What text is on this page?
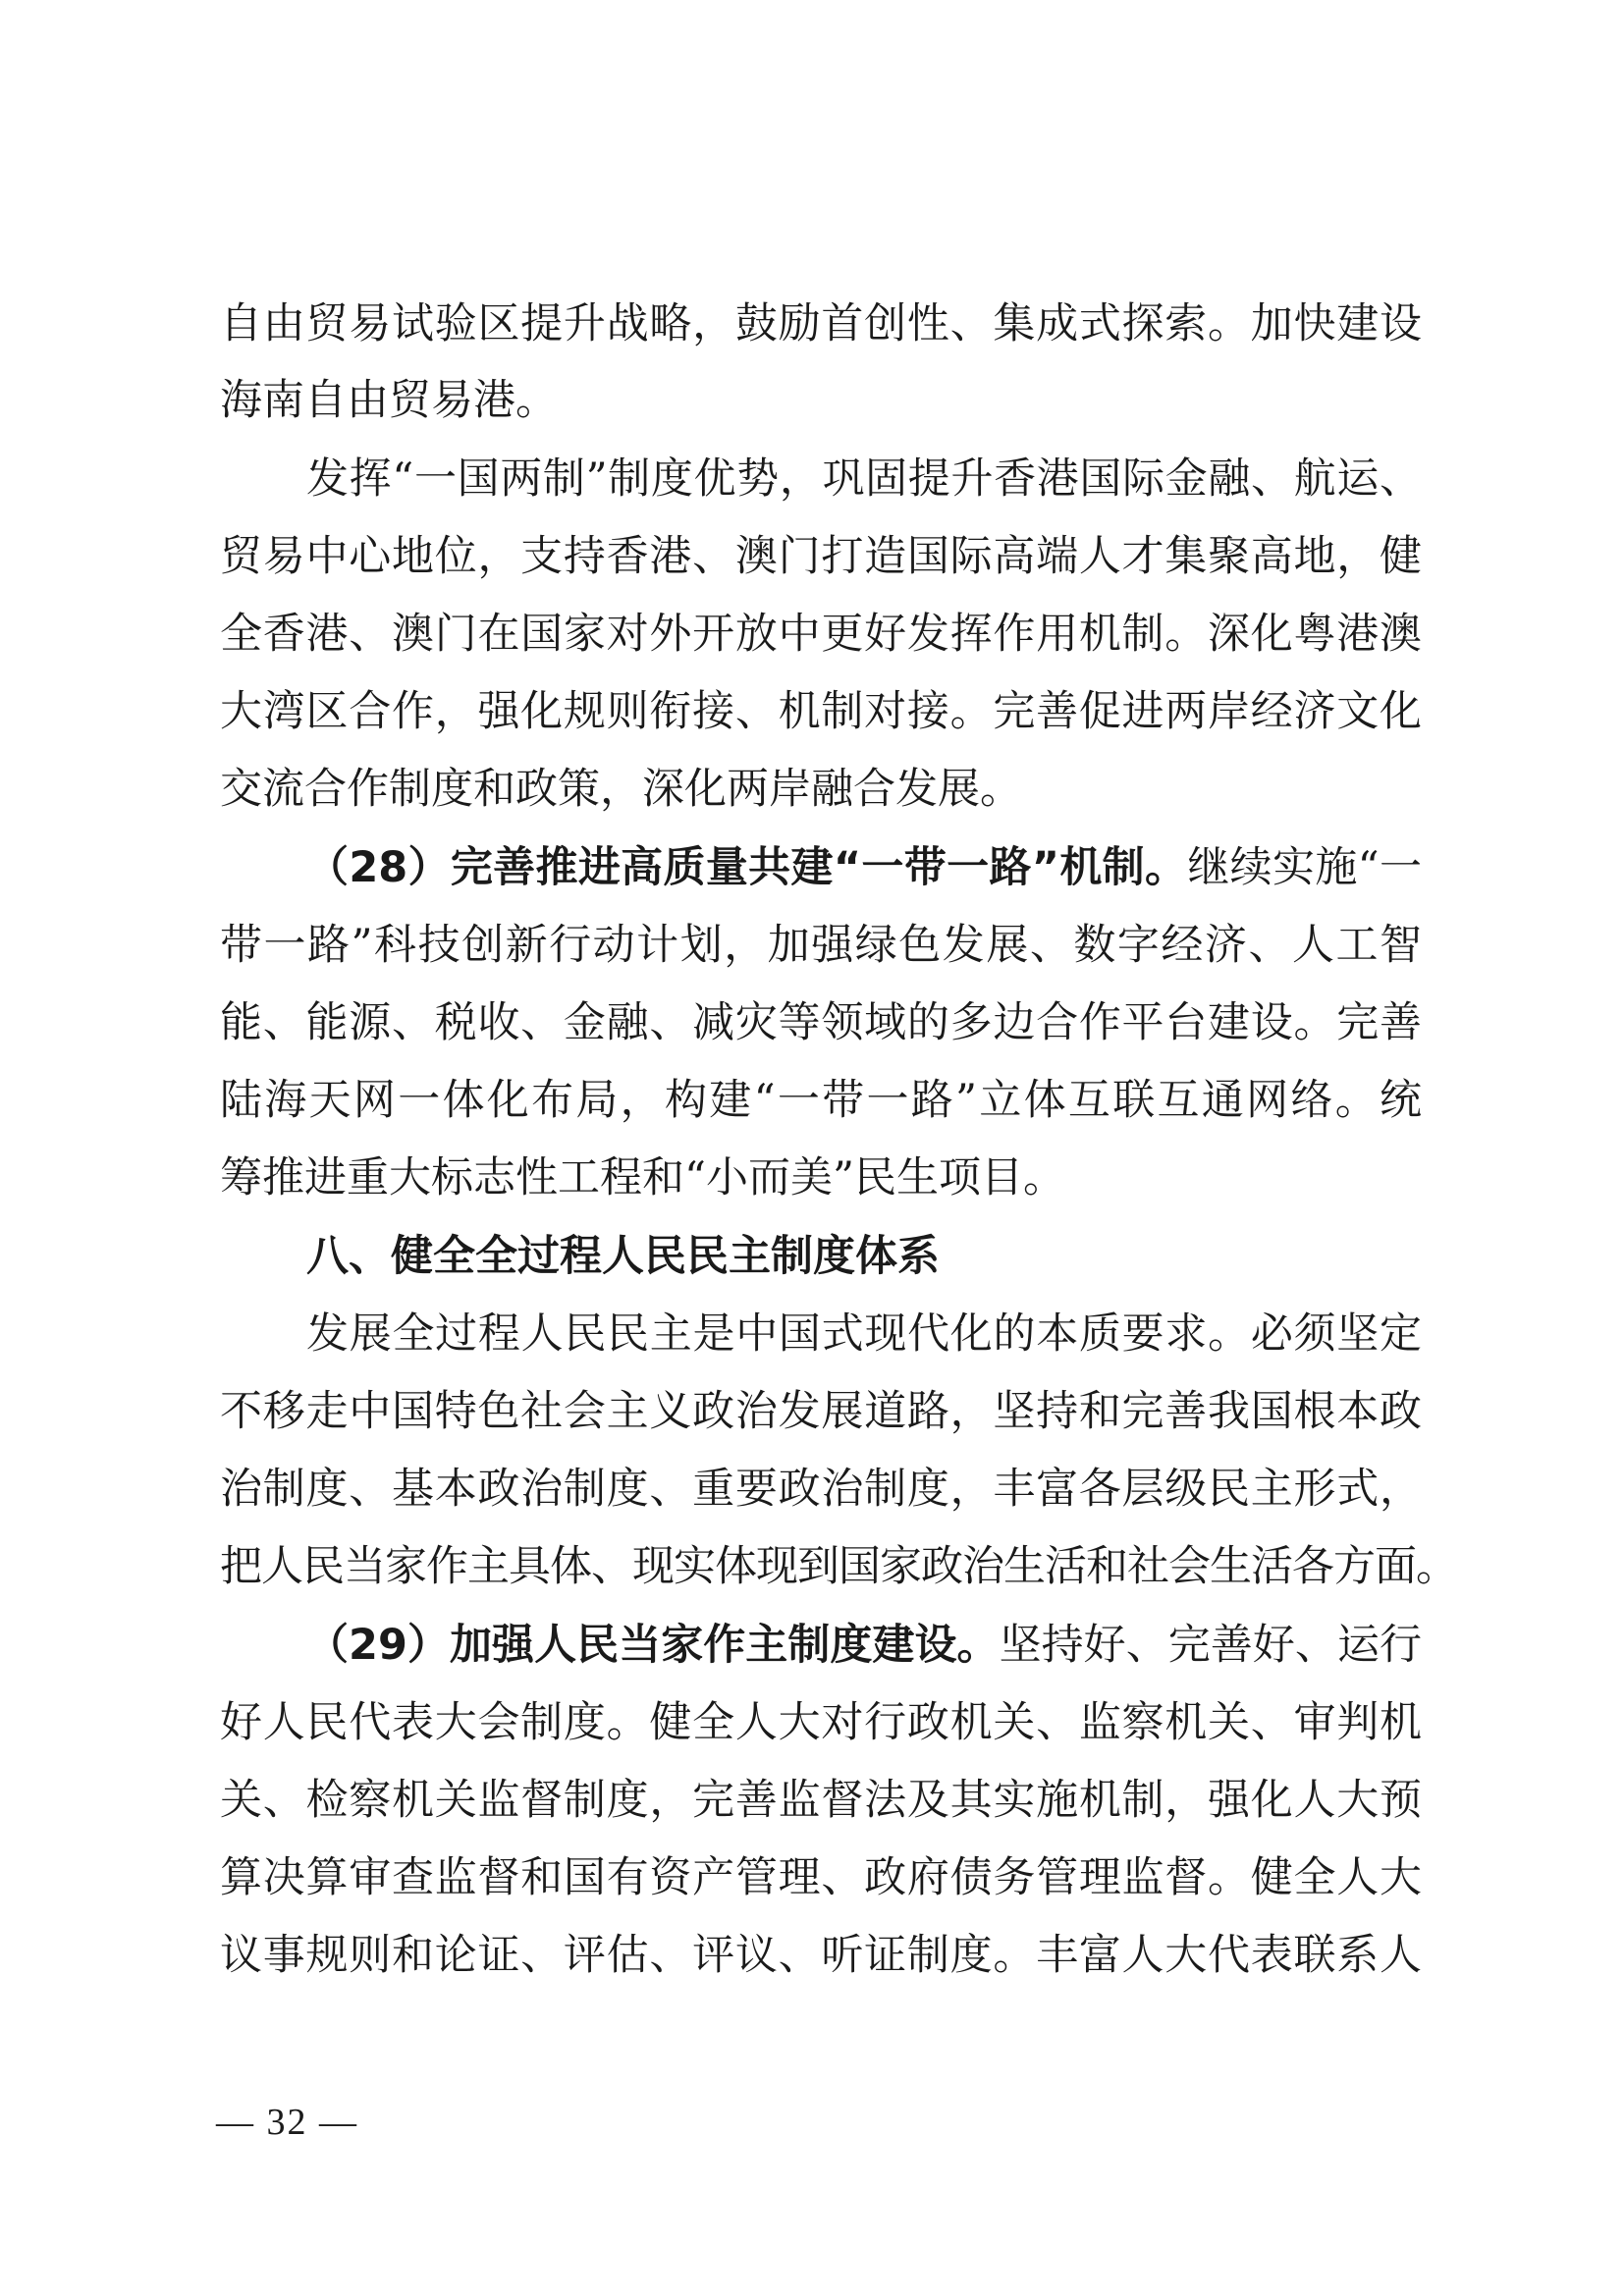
自由贸易试验区提升战略，鼓励首创性、集成式探索。加快建设
海南自由贸易港。
发挥“一国两制”制度优势，巩固提升香港国际金融、航运、
贸易中心地位，支持香港、澳门打造国际高端人才集聚高地，健
全香港、澳门在国家对外开放中更好发挥作用机制。深化粤港澳
大湾区合作，强化规则衔接、机制对接。完善促进两岸经济文化
交流合作制度和政策，深化两岸融合发展。
（28）完善推进高质量共建“一带一路”机制。继续实施“一
带一路”科技创新行动计划，加强绿色发展、数字经济、人工智
能、能源、税收、金融、减灾等领域的多边合作平台建设。完善
陆海天网一体化布局，构建“一带一路”立体互联互通网络。统
筹推进重大标志性工程和“小而美”民生项目。
八、健全全过程人民民主制度体系
发展全过程人民民主是中国式现代化的本质要求。必须坚定
不移走中国特色社会主义政治发展道路，坚持和完善我国根本政
治制度、基本政治制度、重要政治制度，丰富各层级民主形式，
把人民当家作主具体、现实体现到国家政治生活和社会生活各方面。
（29）加强人民当家作主制度建设。坚持好、完善好、运行
好人民代表大会制度。健全人大对行政机关、监察机关、审判机
关、检察机关监督制度，完善监督法及其实施机制，强化人大预
算决算审查监督和国有资产管理、政府债务管理监督。健全人大
议事规则和论证、评估、评议、听证制度。丰富人大代表联系人
— 32 —
